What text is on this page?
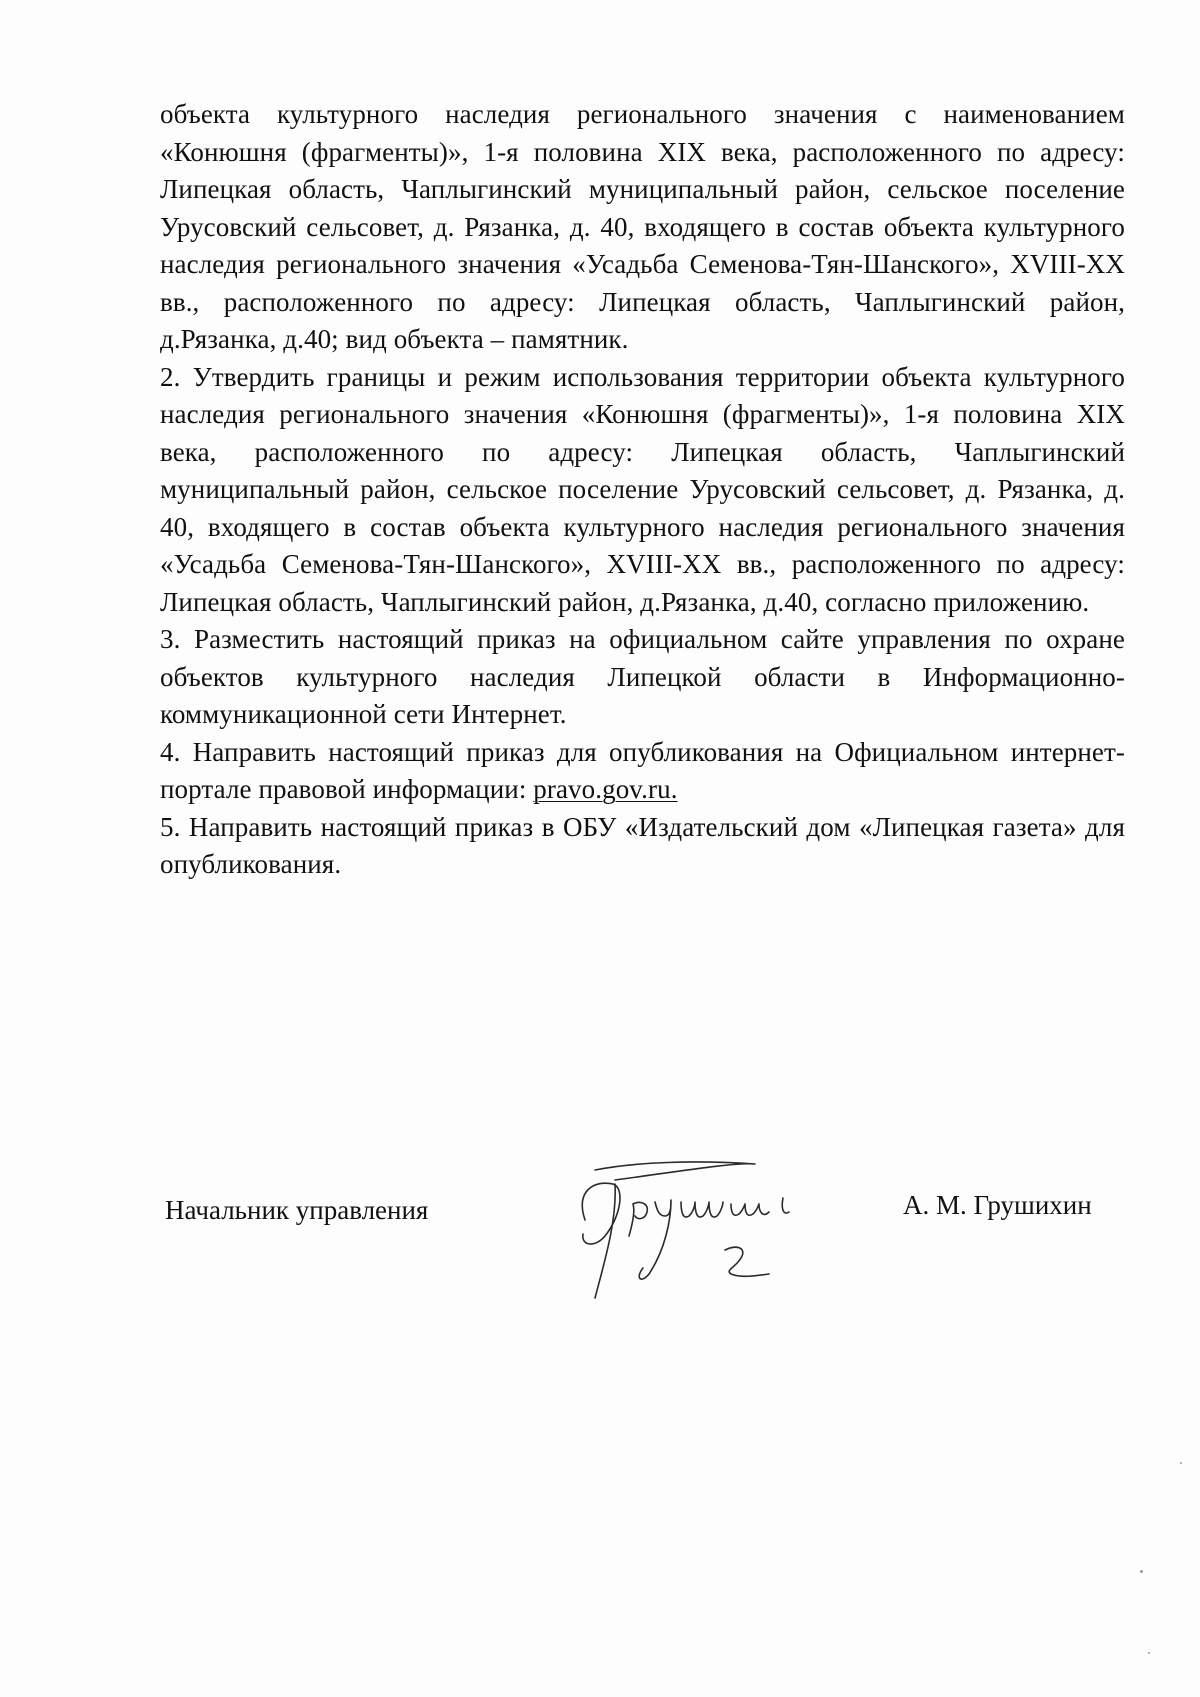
объекта культурного наследия регионального значения с наименованием «Конюшня (фрагменты)», 1-я половина XIX века, расположенного по адресу: Липецкая область, Чаплыгинский муниципальный район, сельское поселение Урусовский сельсовет, д. Рязанка, д. 40, входящего в состав объекта культурного наследия регионального значения «Усадьба Семенова-Тян-Шанского», XVIII-XX вв., расположенного по адресу: Липецкая область, Чаплыгинский район, д.Рязанка, д.40; вид объекта – памятник.

2. Утвердить границы и режим использования территории объекта культурного наследия регионального значения «Конюшня (фрагменты)», 1-я половина XIX века, расположенного по адресу: Липецкая область, Чаплыгинский муниципальный район, сельское поселение Урусовский сельсовет, д. Рязанка, д. 40, входящего в состав объекта культурного наследия регионального значения «Усадьба Семенова-Тян-Шанского», XVIII-XX вв., расположенного по адресу: Липецкая область, Чаплыгинский район, д.Рязанка, д.40, согласно приложению.

3. Разместить настоящий приказ на официальном сайте управления по охране объектов культурного наследия Липецкой области в Информационно-коммуникационной сети Интернет.

4. Направить настоящий приказ для опубликования на Официальном интернет-портале правовой информации: pravo.gov.ru.

5. Направить настоящий приказ в ОБУ «Издательский дом «Липецкая газета» для опубликования.

Начальник управления	А. М. Грушихин
